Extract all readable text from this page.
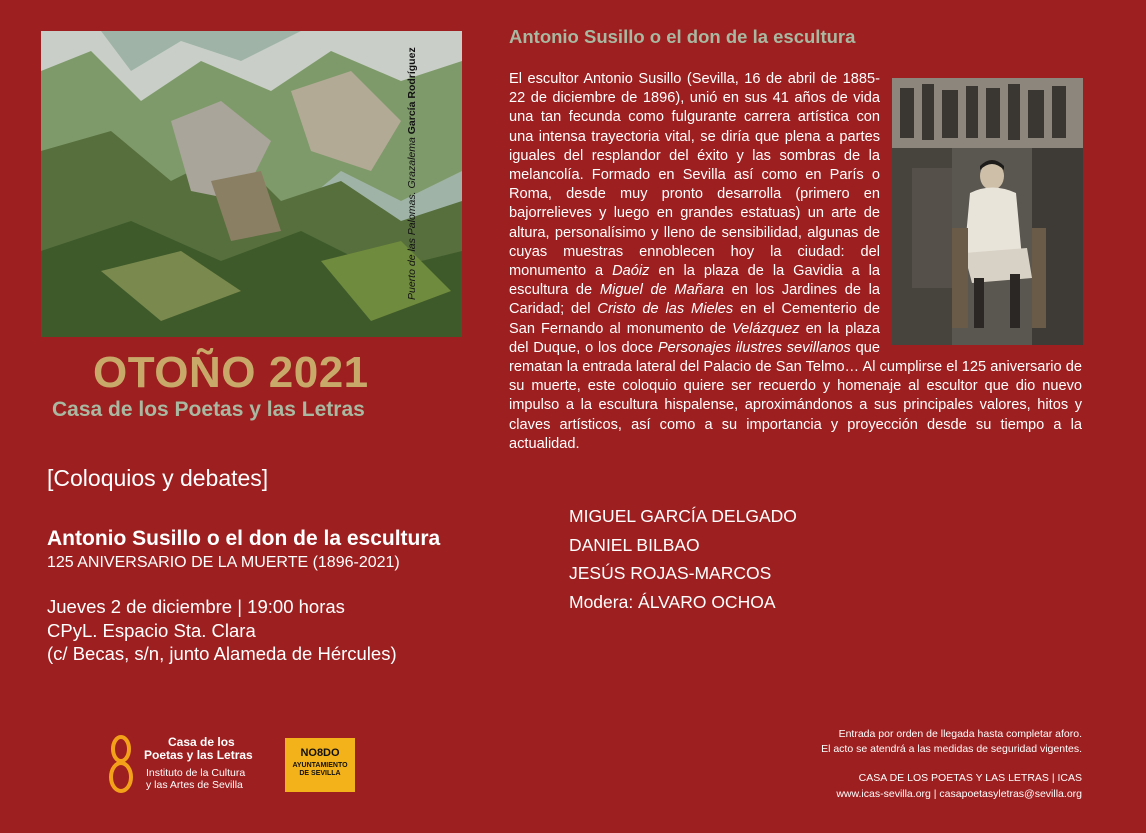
Puerto de las Palomas. Grazalema García Rodríguez
OTOÑO 2021
Casa de los Poetas y las Letras
[Coloquios y debates]
Antonio Susillo o el don de la escultura
125 ANIVERSARIO DE LA MUERTE (1896-2021)
Jueves 2 de diciembre | 19:00 horas
CPyL. Espacio Sta. Clara
(c/ Becas, s/n, junto Alameda de Hércules)
Antonio Susillo o el don de la escultura
El escultor Antonio Susillo (Sevilla, 16 de abril de 1885-22 de diciembre de 1896), unió en sus 41 años de vida una tan fecunda como fulgurante carrera artística con una intensa trayectoria vital, se diría que plena a partes iguales del resplandor del éxito y las sombras de la melancolía. Formado en Sevilla así como en París o Roma, desde muy pronto desarrolla (primero en bajorrelieves y luego en grandes estatuas) un arte de altura, personalísimo y lleno de sensibilidad, algunas de cuyas muestras ennoblecen hoy la ciudad: del monumento a Daóiz en la plaza de la Gavidia a la escultura de Miguel de Mañara en los Jardines de la Caridad; del Cristo de las Mieles en el Cementerio de San Fernando al monumento de Velázquez en la plaza del Duque, o los doce Personajes ilustres sevillanos que rematan la entrada lateral del Palacio de San Telmo… Al cumplirse el 125 aniversario de su muerte, este coloquio quiere ser recuerdo y homenaje al escultor que dio nuevo impulso a la escultura hispalense, aproximándonos a sus principales valores, hitos y claves artísticos, así como a su importancia y proyección desde su tiempo a la actualidad.
MIGUEL GARCÍA DELGADO
DANIEL BILBAO
JESÚS ROJAS-MARCOS
Modera: ÁLVARO OCHOA
Casa de los
Poetas y las Letras
Instituto de la Cultura
y las Artes de Sevilla
NO8DO
AYUNTAMIENTO
DE SEVILLA
Entrada por orden de llegada hasta completar aforo.
El acto se atendrá a las medidas de seguridad vigentes.
CASA DE LOS POETAS Y LAS LETRAS | ICAS
www.icas-sevilla.org | casapoetasyletras@sevilla.org
